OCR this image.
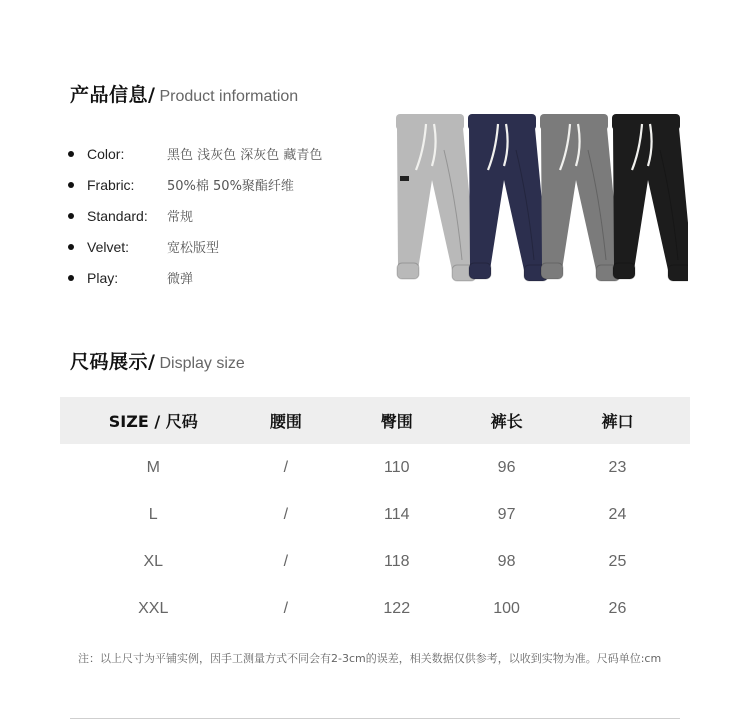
产品信息/ Product information
Color:	黑色 浅灰色 深灰色 藏青色
Frabric:	50%棉 50%聚酯纤维
Standard:	常规
Velvet:	宽松版型
Play:	微弹
尺码展示/ Display size
SIZE / 尺码	腰围	臀围	裤长	裤口
M	/	110	96	23
L	/	114	97	24
XL	/	118	98	25
XXL	/	122	100	26
注：以上尺寸为平铺实例，因手工测量方式不同会有2-3cm的误差，相关数据仅供参考，以收到实物为准。尺码单位:cm
